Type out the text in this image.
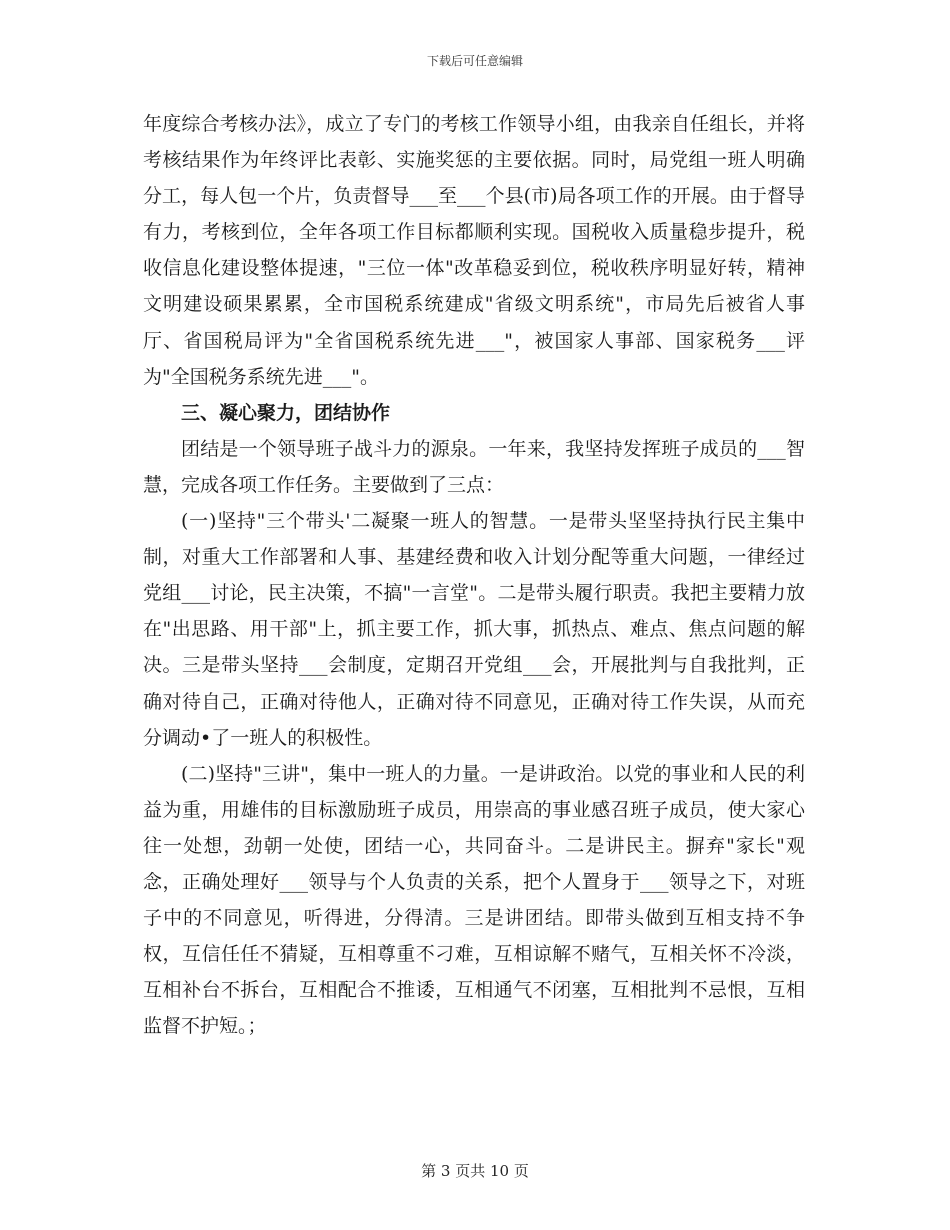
下载后可任意编辑

年度综合考核办法》，成立了专门的考核工作领导小组，由我亲自任组长，并将考核结果作为年终评比表彰、实施奖惩的主要依据。同时，局党组一班人明确分工，每人包一个片，负责督导___至___个县(市)局各项工作的开展。由于督导有力，考核到位，全年各项工作目标都顺利实现。国税收入质量稳步提升，税收信息化建设整体提速，"三位一体"改革稳妥到位，税收秩序明显好转，精神文明建设硕果累累，全市国税系统建成"省级文明系统"，市局先后被省人事厅、省国税局评为"全省国税系统先进___"，被国家人事部、国家税务___评为"全国税务系统先进___"。

三、凝心聚力，团结协作

团结是一个领导班子战斗力的源泉。一年来，我坚持发挥班子成员的___智慧，完成各项工作任务。主要做到了三点：

(一)坚持"三个带头'二凝聚一班人的智慧。一是带头坚坚持执行民主集中制，对重大工作部署和人事、基建经费和收入计划分配等重大问题，一律经过党组___讨论，民主决策，不搞"一言堂"。二是带头履行职责。我把主要精力放在"出思路、用干部"上，抓主要工作，抓大事，抓热点、难点、焦点问题的解决。三是带头坚持___会制度，定期召开党组___会，开展批判与自我批判，正确对待自己，正确对待他人，正确对待不同意见，正确对待工作失误，从而充分调动•了一班人的积极性。

(二)坚持"三讲"，集中一班人的力量。一是讲政治。以党的事业和人民的利益为重，用雄伟的目标激励班子成员，用崇高的事业感召班子成员，使大家心往一处想，劲朝一处使，团结一心，共同奋斗。二是讲民主。摒弃"家长"观念，正确处理好___领导与个人负责的关系，把个人置身于___领导之下，对班子中的不同意见，听得进，分得清。三是讲团结。即带头做到互相支持不争权，互信任任不猜疑，互相尊重不刁难，互相谅解不赌气，互相关怀不冷淡，互相补台不拆台，互相配合不推诿，互相通气不闭塞，互相批判不忌恨，互相监督不护短。；

第 3 页共 10 页
